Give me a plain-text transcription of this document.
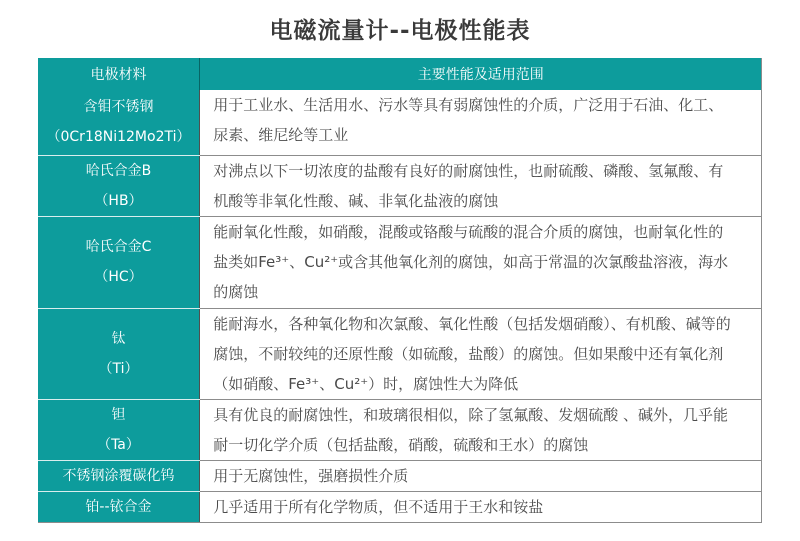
电磁流量计--电极性能表
电极材料	主要性能及适用范围

含钼不锈钢
（0Cr18Ni12Mo2Ti）	用于工业水、生活用水、污水等具有弱腐蚀性的介质，广泛用于石油、化工、尿素、维尼纶等工业

哈氏合金B
（HB）	对沸点以下一切浓度的盐酸有良好的耐腐蚀性，也耐硫酸、磷酸、氢氟酸、有机酸等非氧化性酸、碱、非氧化盐液的腐蚀

哈氏合金C
（HC）	能耐氧化性酸，如硝酸，混酸或铬酸与硫酸的混合介质的腐蚀，也耐氧化性的盐类如Fe³⁺、Cu²⁺或含其他氧化剂的腐蚀，如高于常温的次氯酸盐溶液，海水的腐蚀

钛
（Ti）	能耐海水，各种氧化物和次氯酸、氧化性酸（包括发烟硝酸）、有机酸、碱等的腐蚀，不耐较纯的还原性酸（如硫酸，盐酸）的腐蚀。但如果酸中还有氧化剂（如硝酸、Fe³⁺、Cu²⁺）时，腐蚀性大为降低

钽
（Ta）	具有优良的耐腐蚀性，和玻璃很相似，除了氢氟酸、发烟硫酸 、碱外，几乎能耐一切化学介质（包括盐酸，硝酸，硫酸和王水）的腐蚀

不锈钢涂覆碳化钨	用于无腐蚀性，强磨损性介质

铂--铱合金	几乎适用于所有化学物质，但不适用于王水和铵盐
